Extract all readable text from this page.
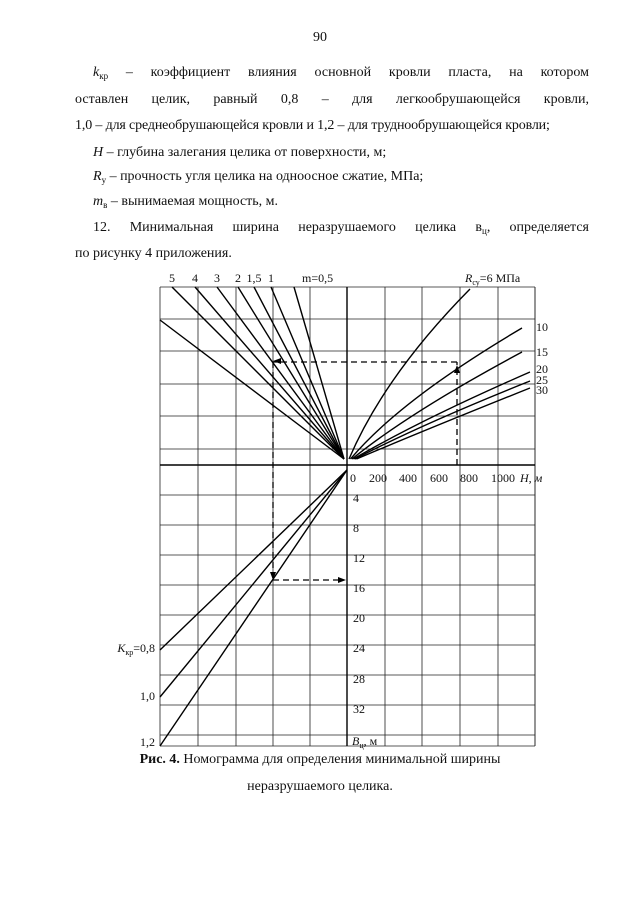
90
$k_{кр}$ – коэффициент влияния основной кровли пласта, на котором
оставлен целик, равный 0,8 – для легкообрушающейся кровли,
1,0 – для среднеобрушающейся кровли и 1,2 – для труднообрушающейся кровли;
H – глубина залегания целика от поверхности, м;
$R_у$ – прочность угля целика на одноосное сжатие, МПа;
$m_в$ – вынимаемая мощность, м.
12. Минимальная ширина неразрушаемого целика $в_ц$, определяется
по рисунку 4 приложения.
5 4 3 2 1,5 1 m=0,5	$R_{су}=6$ МПа
10
15
20
25
30
0 200 400 600 800 1000 H, м
4
8
12
16
20
24
28
32
$B_ц$, м
$K_{кр}=0,8$
1,0
1,2
Рис. 4. Номограмма для определения минимальной ширины
неразрушаемого целика.
